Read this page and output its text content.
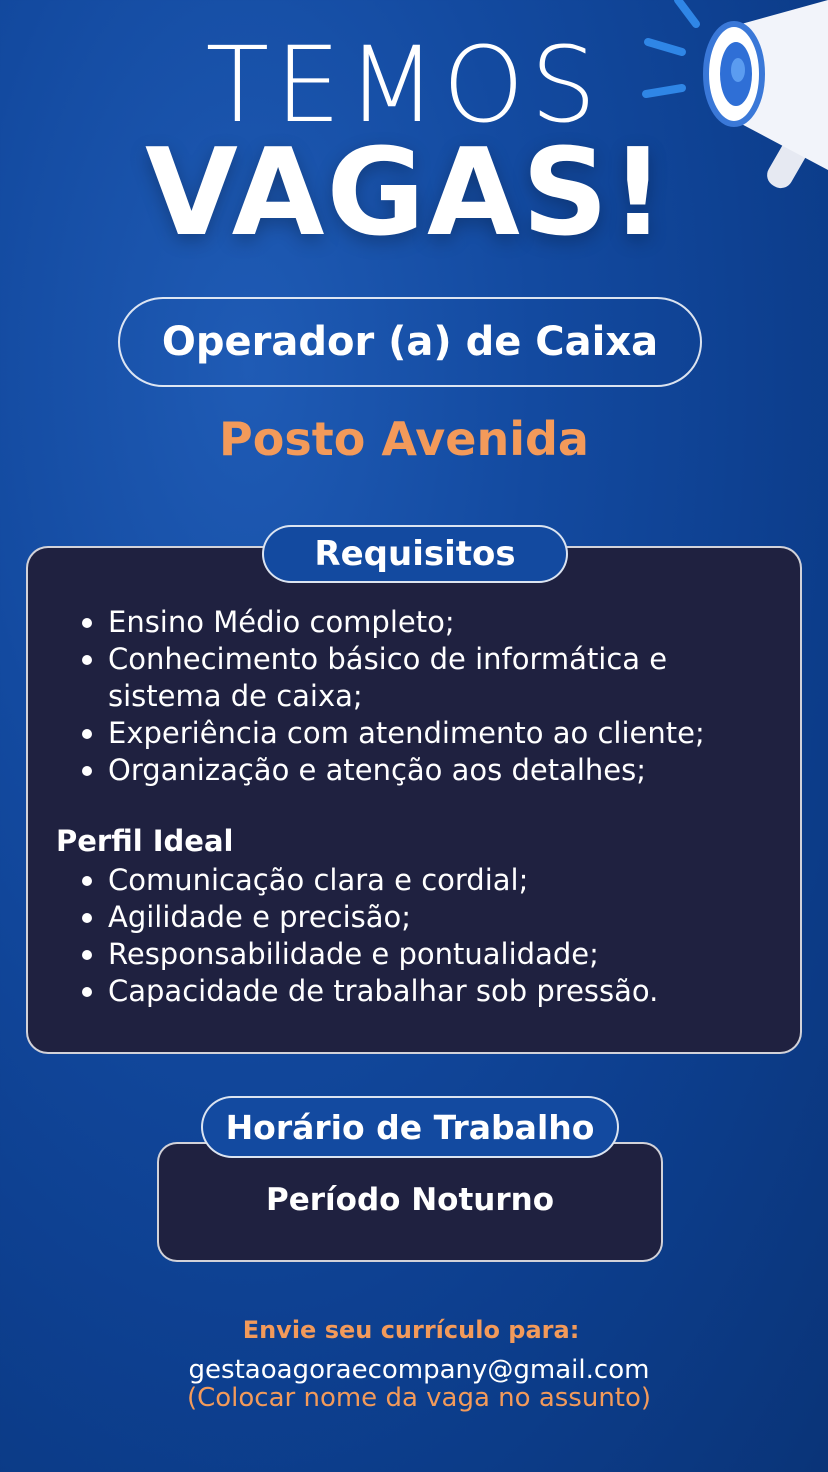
TEMOS
VAGAS!
Operador (a) de Caixa
Posto Avenida
Requisitos
Ensino Médio completo;
Conhecimento básico de informática e sistema de caixa;
Experiência com atendimento ao cliente;
Organização e atenção aos detalhes;
Perfil Ideal
Comunicação clara e cordial;
Agilidade e precisão;
Responsabilidade e pontualidade;
Capacidade de trabalhar sob pressão.
Horário de Trabalho
Período Noturno
Envie seu currículo para:
gestaoagoraecompany@gmail.com
(Colocar nome da vaga no assunto)
